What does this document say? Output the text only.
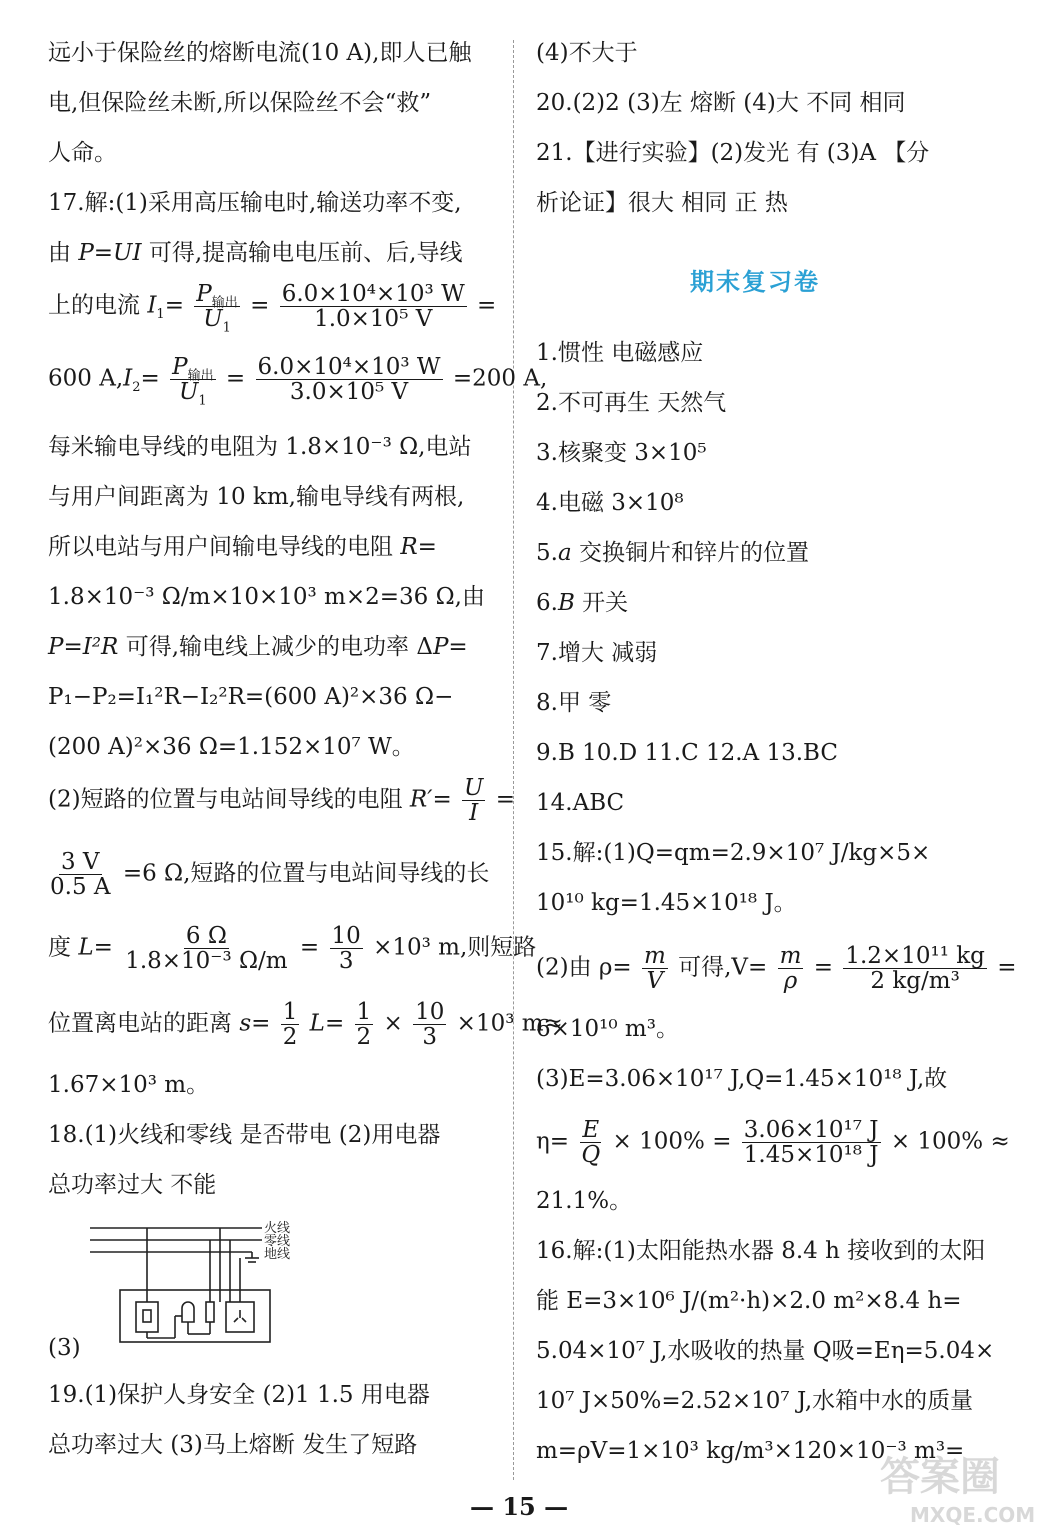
远小于保险丝的熔断电流(10 A),即人已触
电,但保险丝未断,所以保险丝不会“救”
人命。
17.解:(1)采用高压输电时,输送功率不变,
由 P=UI 可得,提高输电电压前、后,导线
上的电流 $I_1= \frac{P_{输出}}{U_1} = \frac{\text{6.0×10⁴×10³ W}}{\text{1.0×10⁵ V}}$ =
600 $A,I_2= \frac{P_{输出}}{U_1} = \frac{\text{6.0×10⁴×10³ W}}{\text{3.0×10⁵ V}} =200$ A,
每米输电导线的电阻为 1.8×10⁻³ Ω,电站
与用户间距离为 10 km,输电导线有两根,
所以电站与用户间输电导线的电阻 R=
1.8×10⁻³ Ω/m×10×10³ m×2=36 Ω,由
P=I²R 可得,输电线上减少的电功率 ΔP=
P₁−P₂=I₁²R−I₂²R=(600 A)²×36 Ω−
(200 A)²×36 Ω=1.152×10⁷ W。
(2)短路的位置与电站间导线的电阻 $R'= \frac{U}{I}$ =
$\frac{3 V}{0.5 A} =6$ Ω,短路的位置与电站间导线的长
度 $L= \frac{6 \Omega}{\text{1.8×10⁻³ Ω/m}} = \frac{10}{3} \times 10^3$ m,则短路
位置离电站的距离 $s= \frac{1}{2} L= \frac{1}{2} \times \frac{10}{3} \times 10^3$ m≈
1.67×10³ m。
18.(1)火线和零线 是否带电 (2)用电器
总功率过大 不能
火线
零线
地线
(3)
19.(1)保护人身安全 (2)1 1.5 用电器
总功率过大 (3)马上熔断 发生了短路
(4)不大于
20.(2)2 (3)左 熔断 (4)大 不同 相同
21.【进行实验】(2)发光 有 (3)A 【分
析论证】很大 相同 正 热
1.惯性 电磁感应
2.不可再生 天然气
3.核聚变 3×10⁵
4.电磁 3×10⁸
5.a 交换铜片和锌片的位置
6.B 开关
7.增大 减弱
8.甲 零
9.B 10.D 11.C 12.A 13.BC
14.ABC
15.解:(1)Q=qm=2.9×10⁷ J/kg×5×
10¹⁰ kg=1.45×10¹⁸ J。
(2)由 $\rho= \frac{m}{V}$ 可得$,V= \frac{m}{\rho} = \frac{\text{1.2×10¹¹ kg}}{\text{2 kg/m³}}$ =
6×10¹⁰ m³。
(3)E=3.06×10¹⁷ J,Q=1.45×10¹⁸ J,故
$\eta= \frac{E}{Q} \times 100\% = \frac{\text{3.06×10¹⁷ J}}{\text{1.45×10¹⁸ J}} \times 100\%$ ≈
21.1%。
16.解:(1)太阳能热水器 8.4 h 接收到的太阳
能 E=3×10⁶ J/(m²·h)×2.0 m²×8.4 h=
5.04×10⁷ J,水吸收的热量 Q吸=Eη=5.04×
10⁷ J×50%=2.52×10⁷ J,水箱中水的质量
m=ρV=1×10³ kg/m³×120×10⁻³ m³=
期末复习卷
— 15 —
答案圈
MXQE.COM
